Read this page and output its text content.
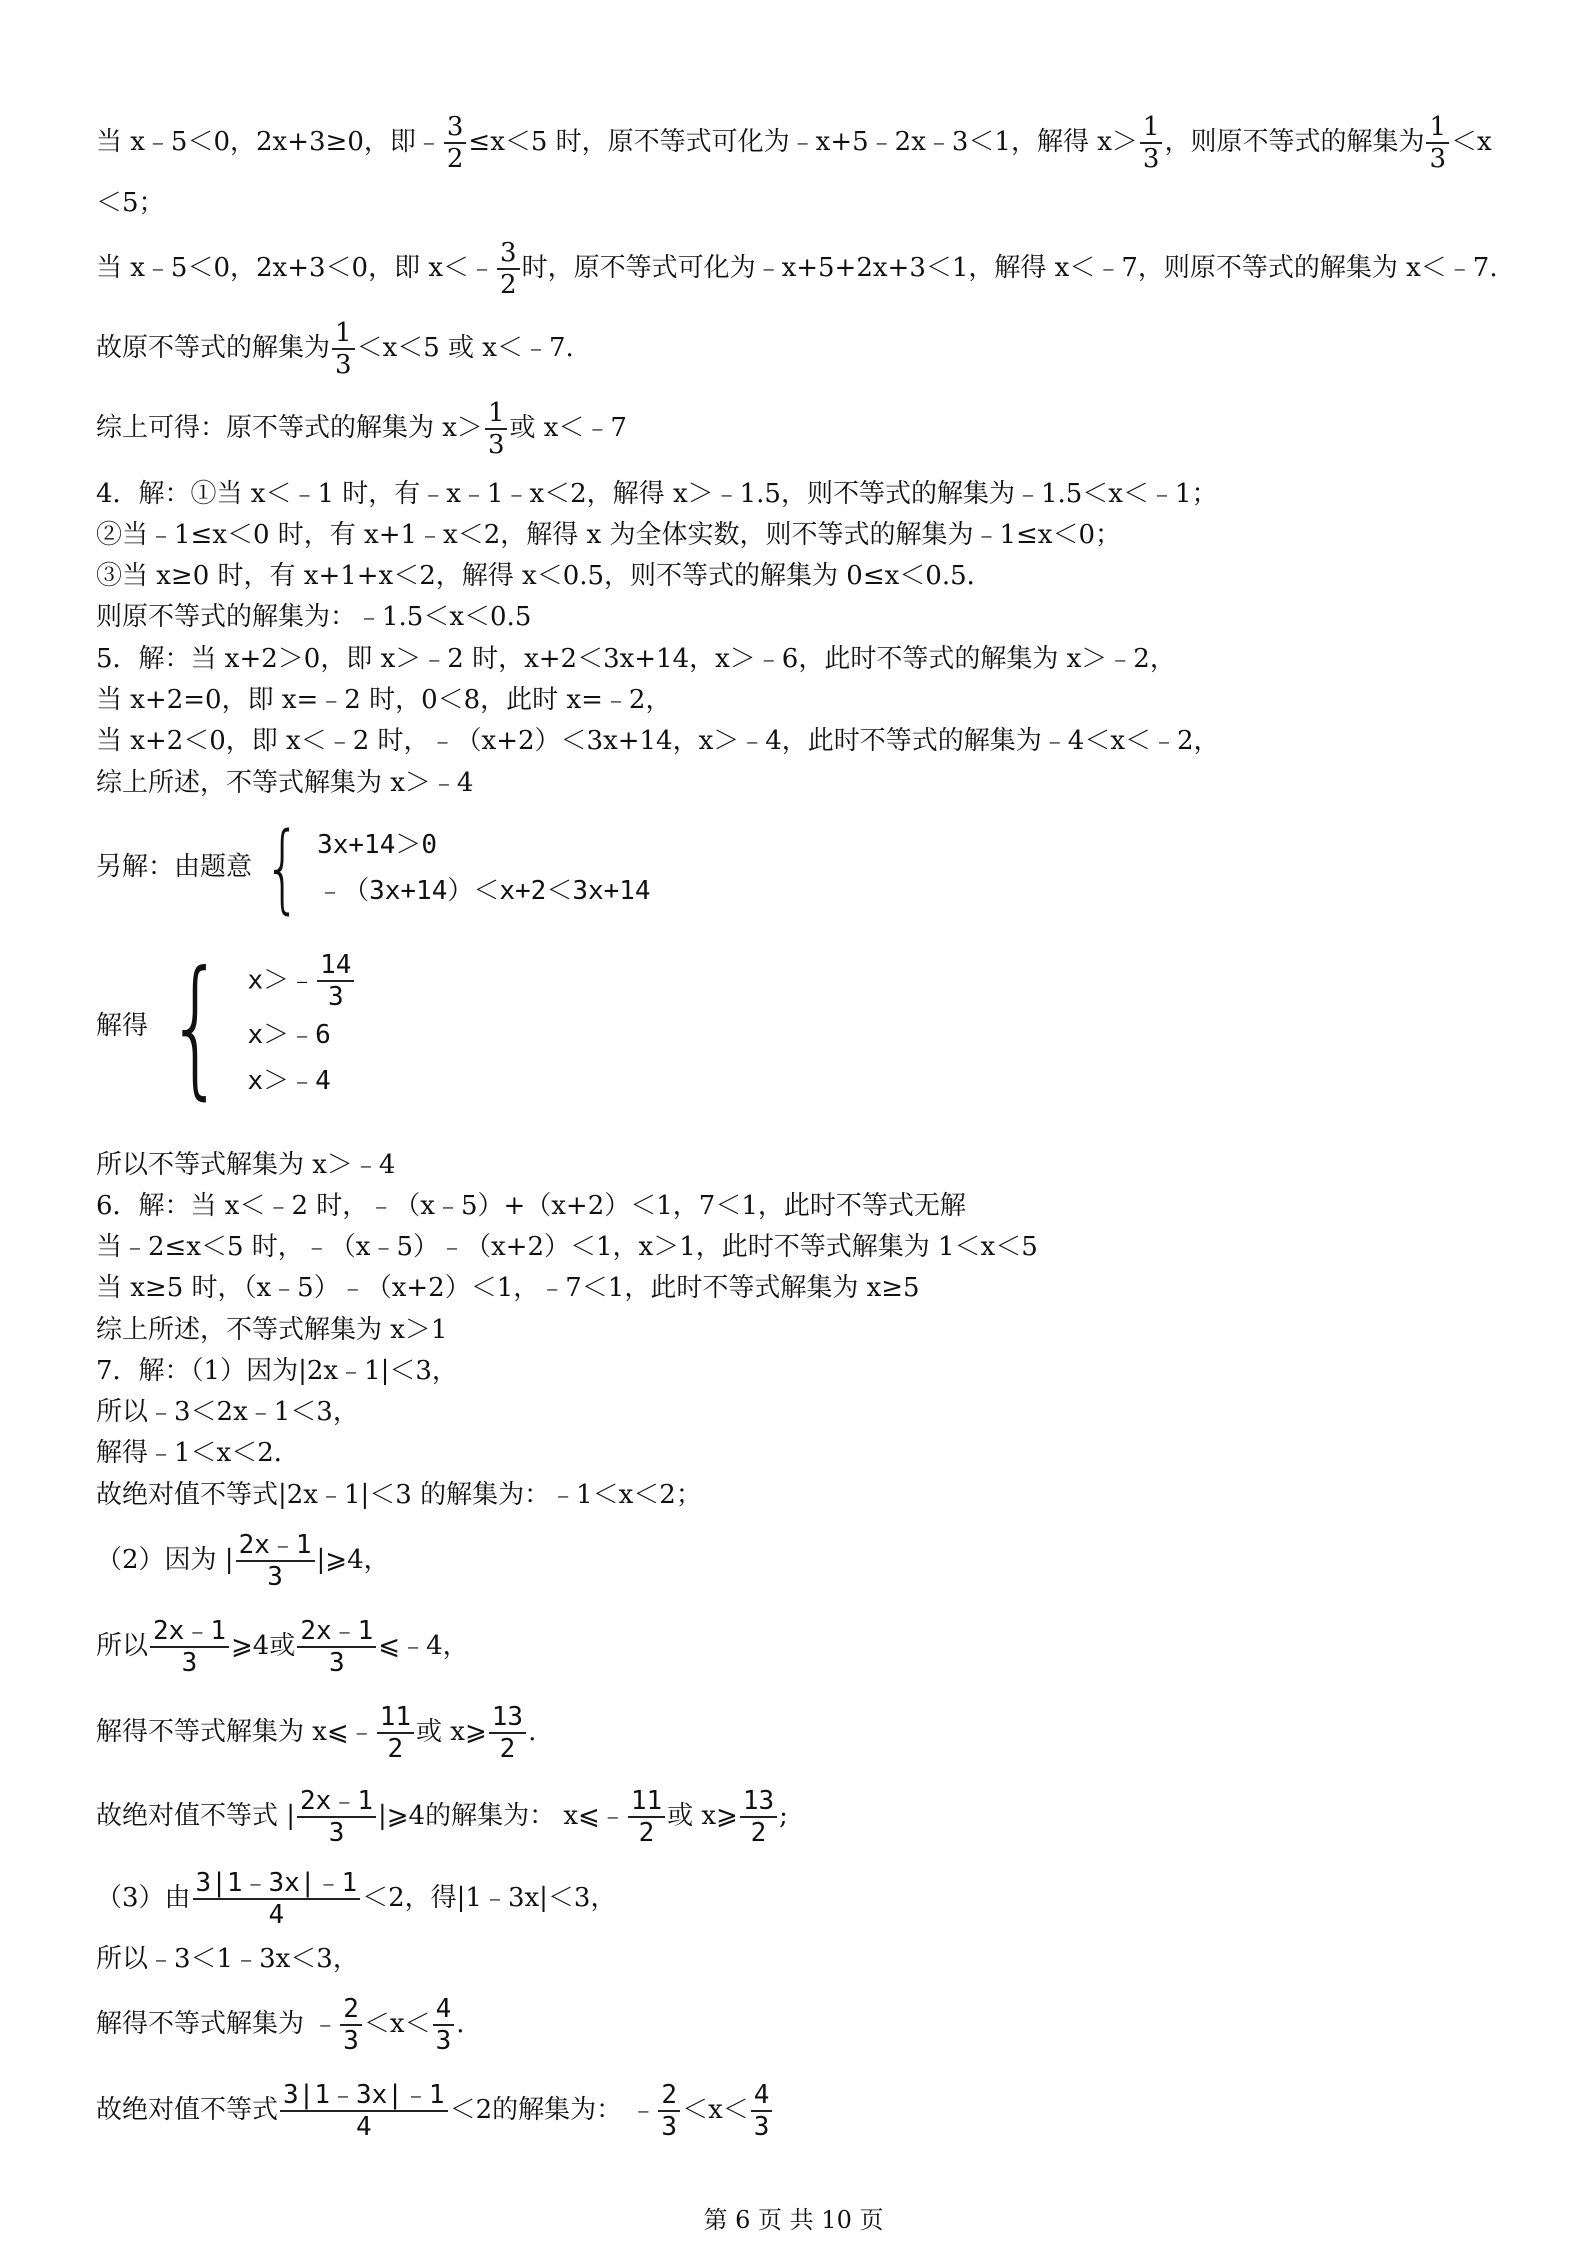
当 x﹣5＜0，2x+3≥0，即﹣ $\frac{3}{2} \le x<5$ 时，原不等式可化为﹣x+5﹣2x﹣3＜1，解得 $x> \frac{1}{3}$ ，则原不等式的解集为 $\frac{1}{3} <x$
＜5；
当 x﹣5＜0，2x+3＜0，即 x＜﹣ $\frac{3}{2}$ 时，原不等式可化为﹣x+5+2x+3＜1，解得 x＜﹣7，则原不等式的解集为 x＜﹣7.
故原不等式的解集为 $\frac{1}{3} <x<5$ 或 x＜﹣7.
综上可得：原不等式的解集为 $x> \frac{1}{3}$ 或 x＜﹣7
4．解：①当 x＜﹣1 时，有﹣x﹣1﹣x＜2，解得 x＞﹣1.5，则不等式的解集为﹣1.5＜x＜﹣1；
②当﹣1≤x＜0 时，有 x+1﹣x＜2，解得 x 为全体实数，则不等式的解集为﹣1≤x＜0；
③当 x≥0 时，有 x+1+x＜2，解得 x＜0.5，则不等式的解集为 0≤x＜0.5．
则原不等式的解集为：﹣1.5＜x＜0.5
5．解：当 x+2＞0，即 x＞﹣2 时，x+2＜3x+14，x＞﹣6，此时不等式的解集为 x＞﹣2，
当 x+2=0，即 x=﹣2 时，0＜8，此时 x=﹣2，
当 x+2＜0，即 x＜﹣2 时，﹣（x+2）＜3x+14，x＞﹣4，此时不等式的解集为﹣4＜x＜﹣2，
综上所述，不等式解集为 x＞﹣4
另解：由题意 { 3x+14＞0
﹣（3x+14）＜x+2＜3x+14
解得 { x＞﹣ $\frac{14}{3}$
x＞﹣6
x＞﹣4
所以不等式解集为 x＞﹣4
6．解：当 x＜﹣2 时，﹣（x﹣5）+（x+2）＜1，7＜1，此时不等式无解
当﹣2≤x＜5 时，﹣（x﹣5）﹣（x+2）＜1，x＞1，此时不等式解集为 1＜x＜5
当 x≥5 时，（x﹣5）﹣（x+2）＜1，﹣7＜1，此时不等式解集为 x≥5
综上所述，不等式解集为 x＞1
7．解：（1）因为|2x﹣1|＜3，
所以﹣3＜2x﹣1＜3，
解得﹣1＜x＜2．
故绝对值不等式|2x﹣1|＜3 的解集为：﹣1＜x＜2；
（2）因为 | $\frac{2x﹣1}{3}$ |⩾4，
所以 $\frac{2x﹣1}{3}$ ⩾4或 $\frac{2x﹣1}{3}$ ⩽﹣4，
解得不等式解集为 x⩽﹣ $\frac{11}{2}$ 或 x⩾ $\frac{13}{2}$ .
故绝对值不等式 | $\frac{2x﹣1}{3}$ |⩾4的解集为： x⩽﹣ $\frac{11}{2}$ 或 x⩾ $\frac{13}{2}$ ;
（3）由 $\frac{3|1﹣3x|﹣1}{4} <2$，得|1﹣3x|＜3，
所以﹣3＜1﹣3x＜3，
解得不等式解集为 ﹣ $\frac{2}{3} <x< \frac{4}{3}$ .
故绝对值不等式 $\frac{3|1﹣3x|﹣1}{4} <2$的解集为： ﹣ $\frac{2}{3} <x< \frac{4}{3}$
第 6 页 共 10 页
